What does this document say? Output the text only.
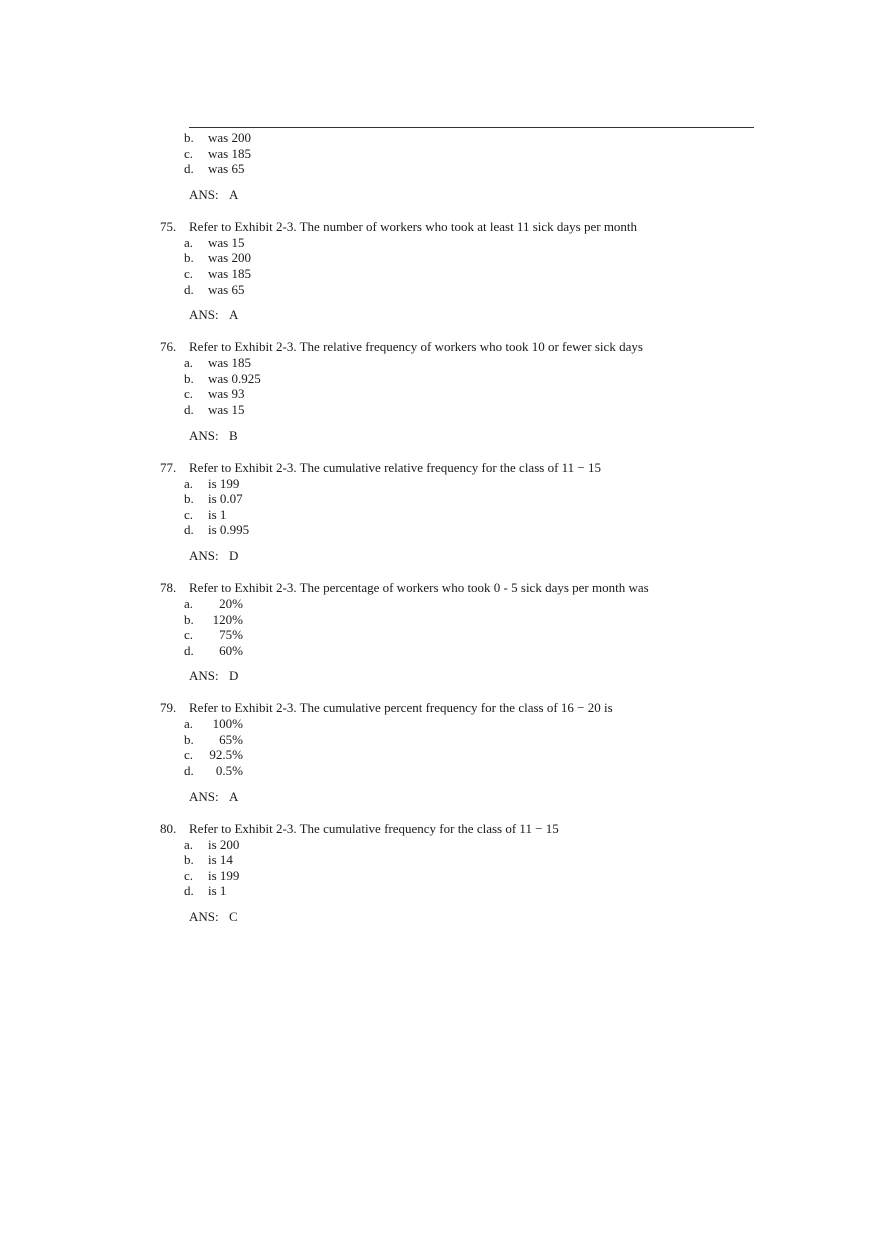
b. was 200
c. was 185
d. was 65
ANS: A
75. Refer to Exhibit 2-3. The number of workers who took at least 11 sick days per month
a. was 15
b. was 200
c. was 185
d. was 65
ANS: A
76. Refer to Exhibit 2-3. The relative frequency of workers who took 10 or fewer sick days
a. was 185
b. was 0.925
c. was 93
d. was 15
ANS: B
77. Refer to Exhibit 2-3. The cumulative relative frequency for the class of 11 − 15
a. is 199
b. is 0.07
c. is 1
d. is 0.995
ANS: D
78. Refer to Exhibit 2-3. The percentage of workers who took 0 - 5 sick days per month was
a.	20%
b.	120%
c.	75%
d.	60%
ANS: D
79. Refer to Exhibit 2-3. The cumulative percent frequency for the class of 16 − 20 is
a.	100%
b.	65%
c.	92.5%
d.	0.5%
ANS: A
80. Refer to Exhibit 2-3. The cumulative frequency for the class of 11 − 15
a. is 200
b. is 14
c. is 199
d. is 1
ANS: C
